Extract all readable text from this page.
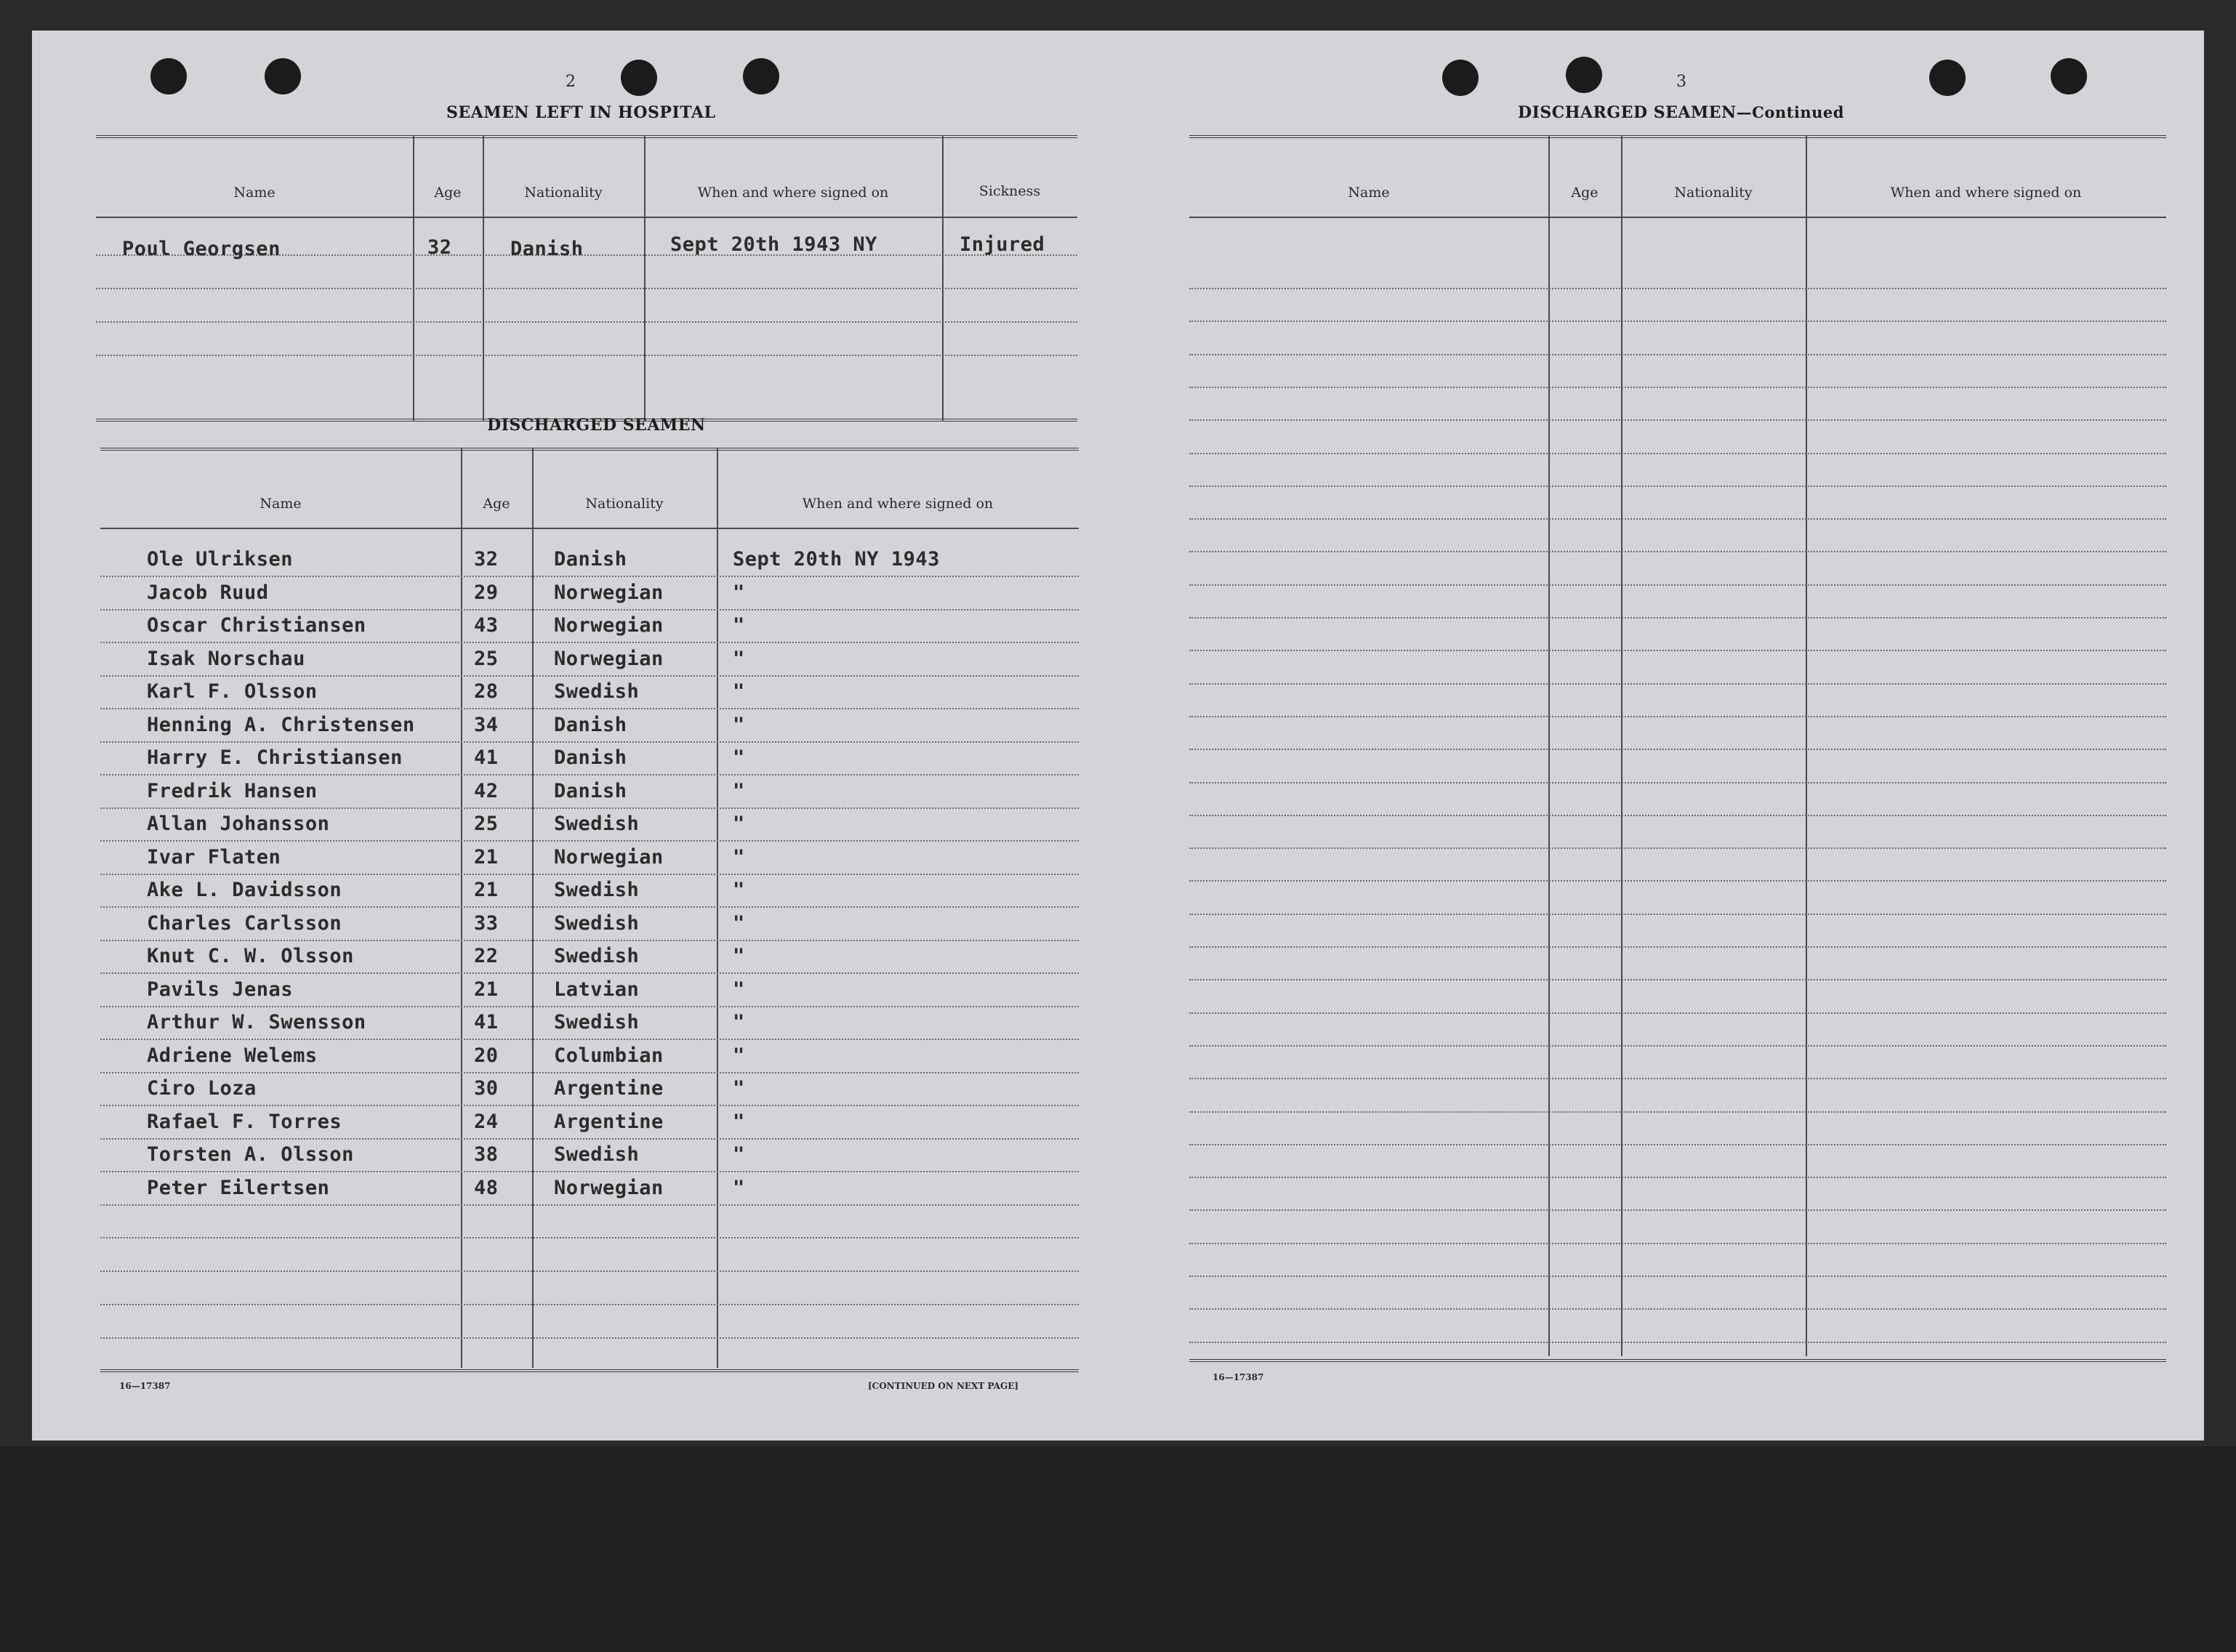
2
SEAMEN LEFT IN HOSPITAL
Name	Age	Nationality	When and where signed on	Sickness
Poul Georgsen	32	Danish	Sept 20th 1943 NY	Injured
DISCHARGED SEAMEN
Name	Age	Nationality	When and where signed on
Ole Ulriksen	32	Danish	Sept 20th NY 1943
Jacob Ruud	29	Norwegian	"
Oscar Christiansen	43	Norwegian	"
Isak Norschau	25	Norwegian	"
Karl F. Olsson	28	Swedish	"
Henning A. Christensen	34	Danish	"
Harry E. Christiansen	41	Danish	"
Fredrik Hansen	42	Danish	"
Allan Johansson	25	Swedish	"
Ivar Flaten	21	Norwegian	"
Ake L. Davidsson	21	Swedish	"
Charles Carlsson	33	Swedish	"
Knut C. W. Olsson	22	Swedish	"
Pavils Jenas	21	Latvian	"
Arthur W. Swensson	41	Swedish	"
Adriene Welems	20	Columbian	"
Ciro Loza	30	Argentine	"
Rafael F. Torres	24	Argentine	"
Torsten A. Olsson	38	Swedish	"
Peter Eilertsen	48	Norwegian	"
16—17387	[CONTINUED ON NEXT PAGE]
3
DISCHARGED SEAMEN—Continued
Name	Age	Nationality	When and where signed on
16—17387
